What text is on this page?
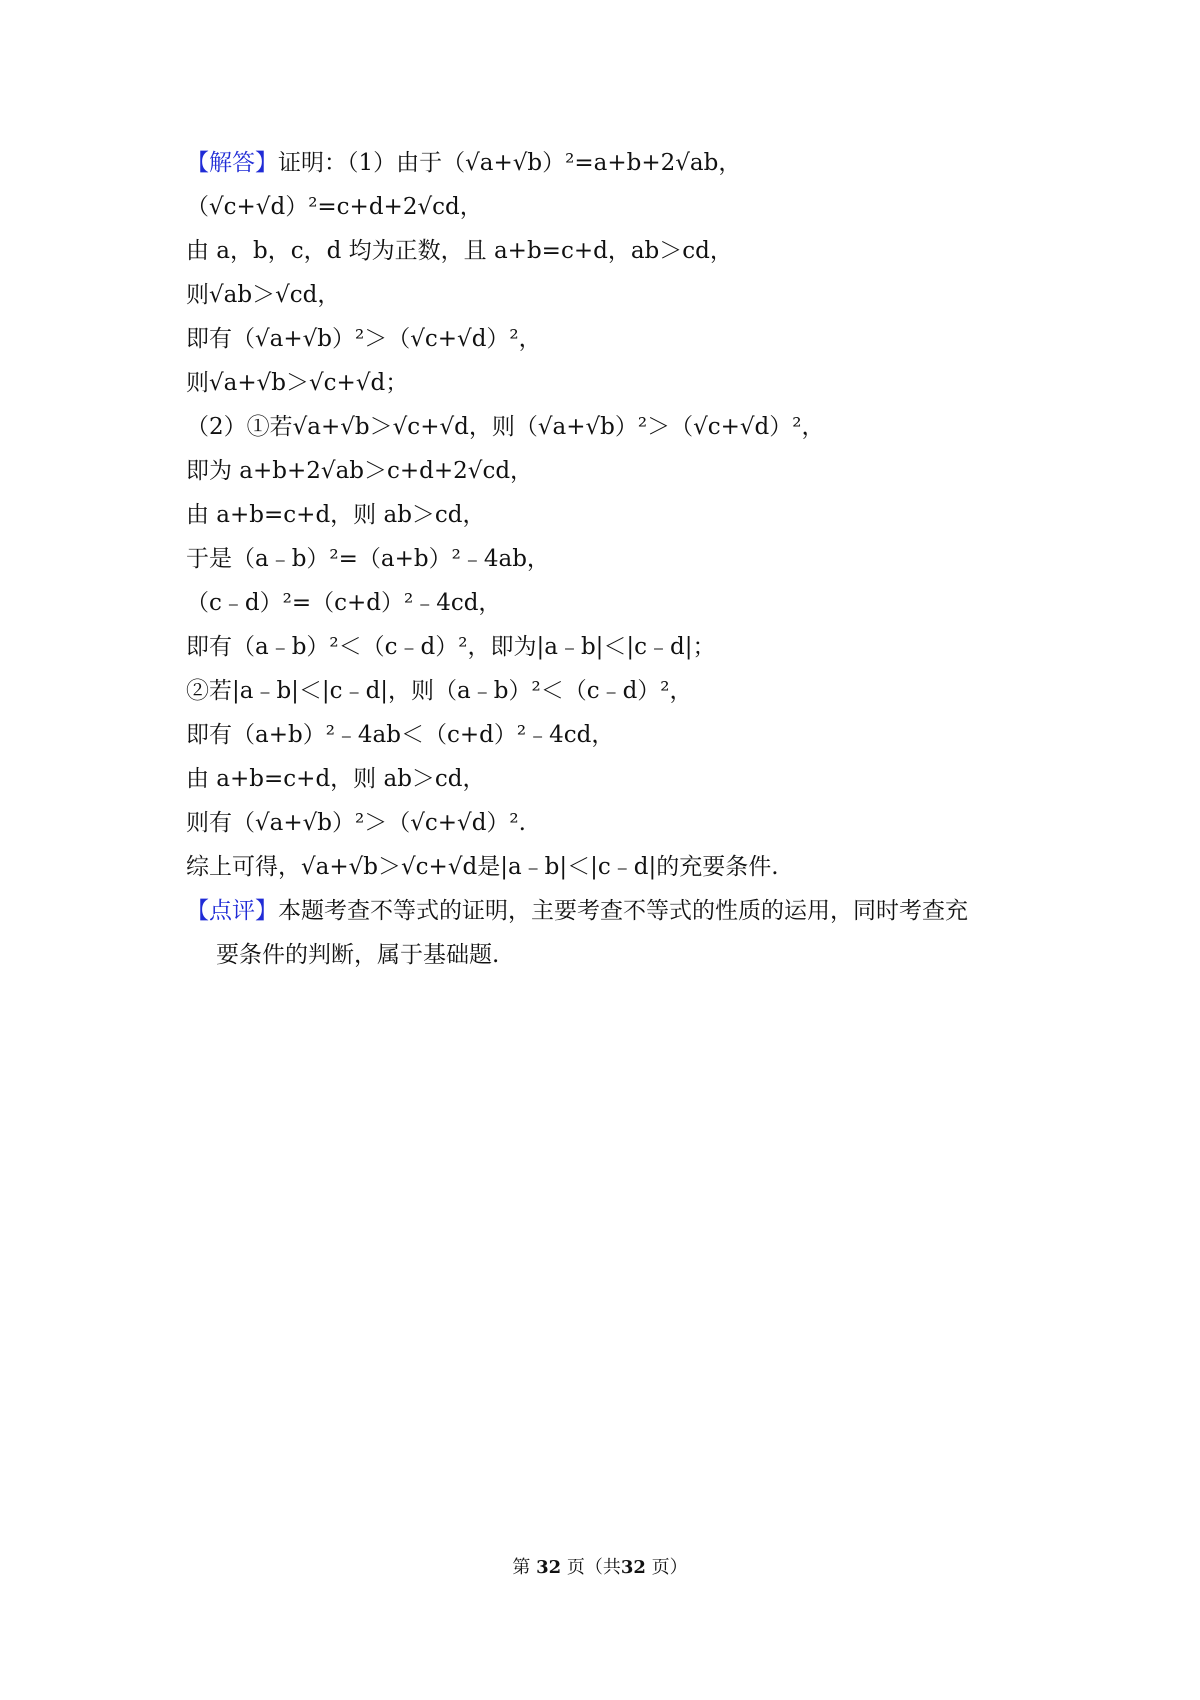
【解答】证明：（1）由于（√a+√b）²=a+b+2√ab，
（√c+√d）²=c+d+2√cd，
由 a，b，c，d 均为正数，且 a+b=c+d，ab＞cd，
则√ab＞√cd，
即有（√a+√b）²＞（√c+√d）²，
则√a+√b＞√c+√d；
（2）①若√a+√b＞√c+√d，则（√a+√b）²＞（√c+√d）²，
即为 a+b+2√ab＞c+d+2√cd，
由 a+b=c+d，则 ab＞cd，
于是（a﹣b）²=（a+b）²﹣4ab，
（c﹣d）²=（c+d）²﹣4cd，
即有（a﹣b）²＜（c﹣d）²，即为|a﹣b|＜|c﹣d|；
②若|a﹣b|＜|c﹣d|，则（a﹣b）²＜（c﹣d）²，
即有（a+b）²﹣4ab＜（c+d）²﹣4cd，
由 a+b=c+d，则 ab＞cd，
则有（√a+√b）²＞（√c+√d）².
综上可得，√a+√b＞√c+√d是|a﹣b|＜|c﹣d|的充要条件.
【点评】本题考查不等式的证明，主要考查不等式的性质的运用，同时考查充
要条件的判断，属于基础题.
第 32 页（共32 页）
